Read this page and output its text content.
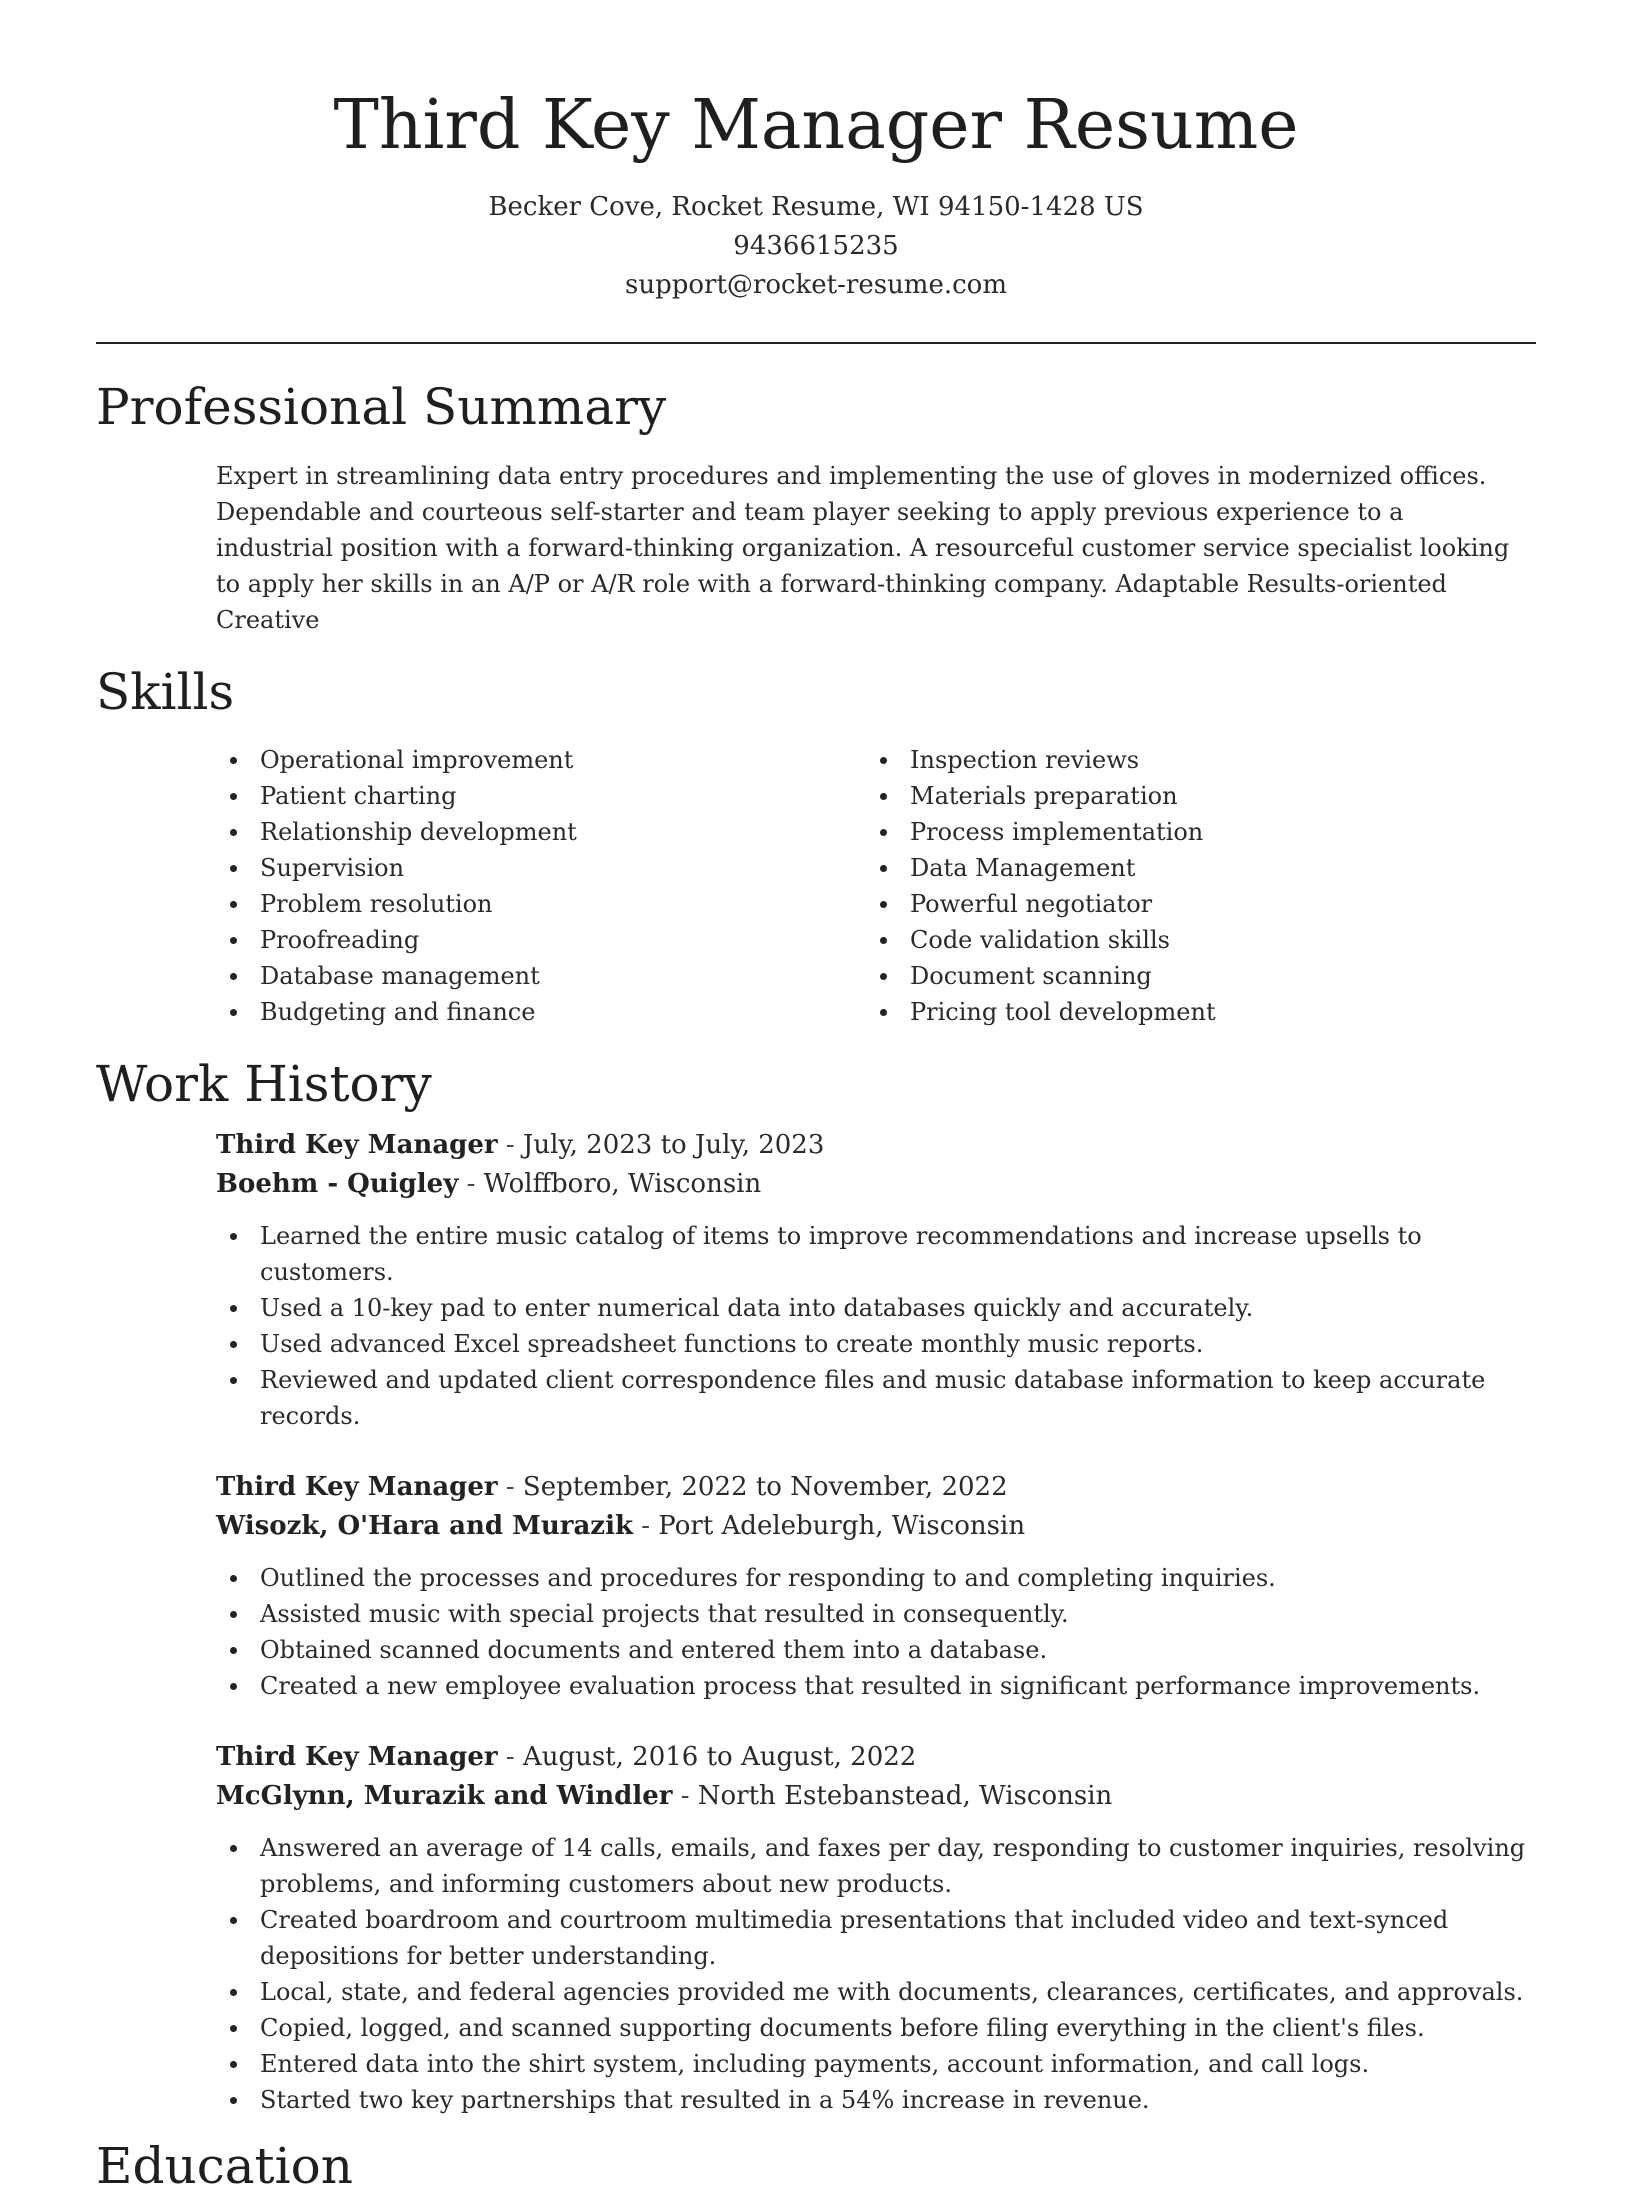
Third Key Manager Resume
Becker Cove, Rocket Resume, WI 94150-1428 US
9436615235
support@rocket-resume.com
Professional Summary
Expert in streamlining data entry procedures and implementing the use of gloves in modernized offices. Dependable and courteous self-starter and team player seeking to apply previous experience to a industrial position with a forward-thinking organization. A resourceful customer service specialist looking to apply her skills in an A/P or A/R role with a forward-thinking company. Adaptable Results-oriented Creative
Skills
Operational improvement
Patient charting
Relationship development
Supervision
Problem resolution
Proofreading
Database management
Budgeting and finance
Inspection reviews
Materials preparation
Process implementation
Data Management
Powerful negotiator
Code validation skills
Document scanning
Pricing tool development
Work History
Third Key Manager - July, 2023 to July, 2023
Boehm - Quigley - Wolffboro, Wisconsin
Learned the entire music catalog of items to improve recommendations and increase upsells to customers.
Used a 10-key pad to enter numerical data into databases quickly and accurately.
Used advanced Excel spreadsheet functions to create monthly music reports.
Reviewed and updated client correspondence files and music database information to keep accurate records.
Third Key Manager - September, 2022 to November, 2022
Wisozk, O'Hara and Murazik - Port Adeleburgh, Wisconsin
Outlined the processes and procedures for responding to and completing inquiries.
Assisted music with special projects that resulted in consequently.
Obtained scanned documents and entered them into a database.
Created a new employee evaluation process that resulted in significant performance improvements.
Third Key Manager - August, 2016 to August, 2022
McGlynn, Murazik and Windler - North Estebanstead, Wisconsin
Answered an average of 14 calls, emails, and faxes per day, responding to customer inquiries, resolving problems, and informing customers about new products.
Created boardroom and courtroom multimedia presentations that included video and text-synced depositions for better understanding.
Local, state, and federal agencies provided me with documents, clearances, certificates, and approvals.
Copied, logged, and scanned supporting documents before filing everything in the client's files.
Entered data into the shirt system, including payments, account information, and call logs.
Started two key partnerships that resulted in a 54% increase in revenue.
Education
